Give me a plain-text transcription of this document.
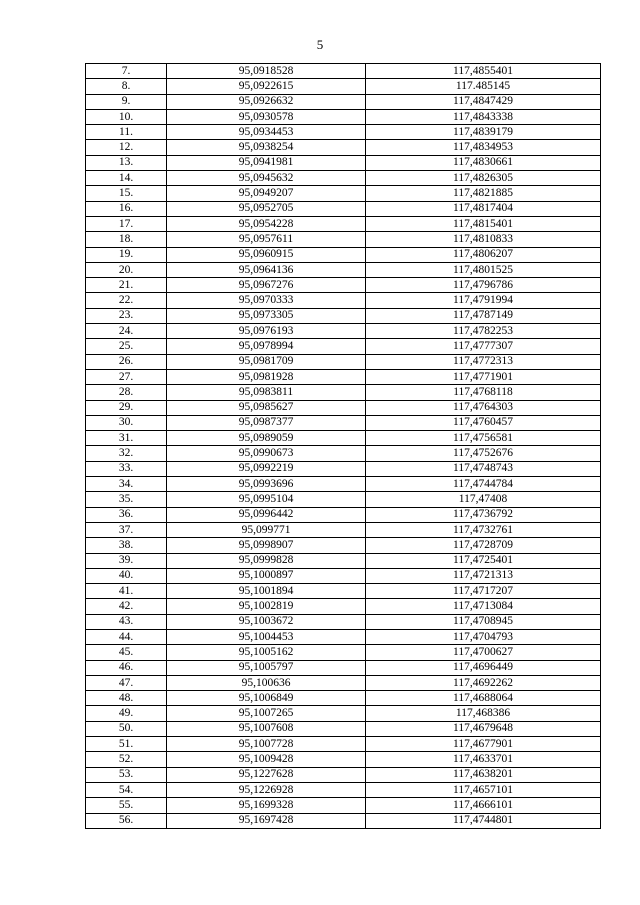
5
7.	95,0918528	117,4855401
8.	95,0922615	117.485145
9.	95,0926632	117,4847429
10.	95,0930578	117,4843338
11.	95,0934453	117,4839179
12.	95,0938254	117,4834953
13.	95,0941981	117,4830661
14.	95,0945632	117,4826305
15.	95,0949207	117,4821885
16.	95,0952705	117,4817404
17.	95,0954228	117,4815401
18.	95,0957611	117,4810833
19.	95,0960915	117,4806207
20.	95,0964136	117,4801525
21.	95,0967276	117,4796786
22.	95,0970333	117,4791994
23.	95,0973305	117,4787149
24.	95,0976193	117,4782253
25.	95,0978994	117,4777307
26.	95,0981709	117,4772313
27.	95,0981928	117,4771901
28.	95,0983811	117,4768118
29.	95,0985627	117,4764303
30.	95,0987377	117,4760457
31.	95,0989059	117,4756581
32.	95,0990673	117,4752676
33.	95,0992219	117,4748743
34.	95,0993696	117,4744784
35.	95,0995104	117,47408
36.	95,0996442	117,4736792
37.	95,099771	117,4732761
38.	95,0998907	117,4728709
39.	95,0999828	117,4725401
40.	95,1000897	117,4721313
41.	95,1001894	117,4717207
42.	95,1002819	117,4713084
43.	95,1003672	117,4708945
44.	95,1004453	117,4704793
45.	95,1005162	117,4700627
46.	95,1005797	117,4696449
47.	95,100636	117,4692262
48.	95,1006849	117,4688064
49.	95,1007265	117,468386
50.	95,1007608	117,4679648
51.	95,1007728	117,4677901
52.	95,1009428	117,4633701
53.	95,1227628	117,4638201
54.	95,1226928	117,4657101
55.	95,1699328	117,4666101
56.	95,1697428	117,4744801
